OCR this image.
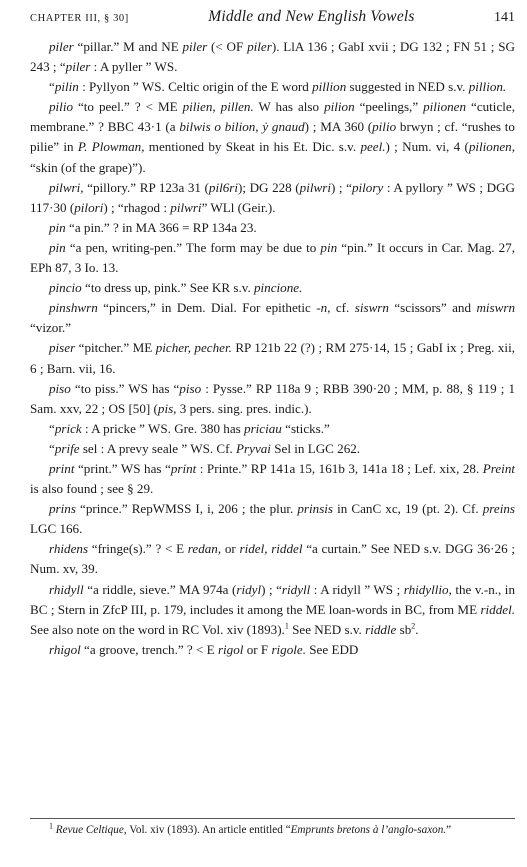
CHAPTER III, § 30]	Middle and New English Vowels	141

piler “pillar.” M and NE piler (< OF piler). LlA 136 ; GabI xvii ; DG 132 ; FN 51 ; SG 243 ; “piler : A pyller ” WS.

“pilin : Pyllyon ” WS. Celtic origin of the E word pillion suggested in NED s.v. pillion.

pilio “to peel.” ? < ME pilien, pillen. W has also pilion “peelings,” pilionen “cuticle, membrane.” ? BBC 43·1 (a bilwis o bilion, ẏ gnaud) ; MA 360 (pilio brwyn ; cf. “rushes to pilie” in P. Plowman, mentioned by Skeat in his Et. Dic. s.v. peel.) ; Num. vi, 4 (pilionen, “skin (of the grape)”).

pilwri, “pillory.” RP 123a 31 (pil6ri); DG 228 (pilwri) ; “pilory : A pyllory ” WS ; DGG 117·30 (pilori) ; “rhagod : pilwri” WLl (Geir.).

pin “a pin.” ? in MA 366 = RP 134a 23.

pin “a pen, writing-pen.” The form may be due to pin “pin.” It occurs in Car. Mag. 27, EPh 87, 3 Io. 13.

pincio “to dress up, pink.” See KR s.v. pincione.

pinshwrn “pincers,” in Dem. Dial. For epithetic -n, cf. siswrn “scissors” and miswrn “vizor.”

piser “pitcher.” ME picher, pecher. RP 121b 22 (?) ; RM 275·14, 15 ; GabI ix ; Preg. xii, 6 ; Barn. vii, 16.

piso “to piss.” WS has “piso : Pysse.” RP 118a 9 ; RBB 390·20 ; MM, p. 88, § 119 ; 1 Sam. xxv, 22 ; OS [50] (pis, 3 pers. sing. pres. indic.).

“prick : A pricke ” WS. Gre. 380 has priciau “sticks.”

“prife sel : A prevy seale ” WS. Cf. Pryvai Sel in LGC 262.

print “print.” WS has “print : Printe.” RP 141a 15, 161b 3, 141a 18 ; Lef. xix, 28. Preint is also found ; see § 29.

prins “prince.” RepWMSS I, i, 206 ; the plur. prinsis in CanC xc, 19 (pt. 2). Cf. preins LGC 166.

rhidens “fringe(s).” ? < E redan, or ridel, riddel “a curtain.” See NED s.v. DGG 36·26 ; Num. xv, 39.

rhidyll “a riddle, sieve.” MA 974a (ridyl) ; “ridyll : A ridyll ” WS ; rhidyllio, the v.-n., in BC ; Stern in ZfcP III, p. 179, includes it among the ME loan-words in BC, from ME riddel. See also note on the word in RC Vol. xiv (1893).$^1$ See NED s.v. riddle $sb^2$.

rhigol “a groove, trench.” ? < E rigol or F rigole. See EDD

$^1$ Revue Celtique, Vol. xiv (1893). An article entitled “Emprunts bretons à l’anglo-saxon.”
